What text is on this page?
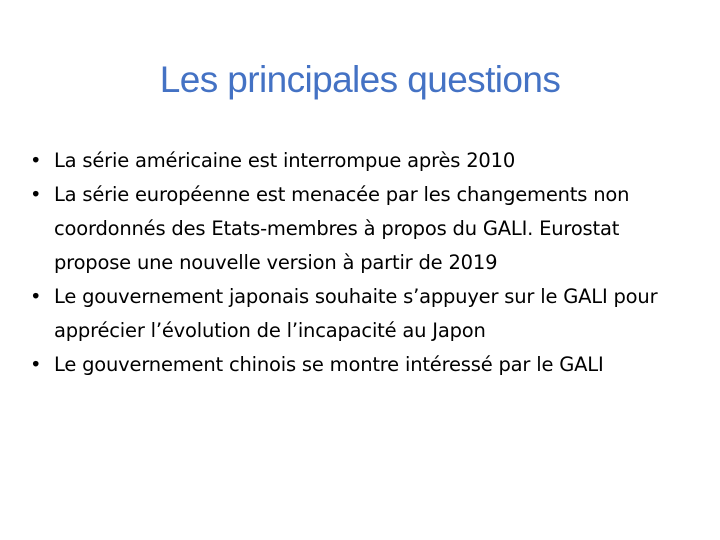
Les principales questions
• La série américaine est interrompue après 2010
• La série européenne est menacée par les changements non coordonnés des Etats-membres à propos du GALI. Eurostat propose une nouvelle version à partir de 2019
• Le gouvernement japonais souhaite s’appuyer sur le GALI pour apprécier l’évolution de l’incapacité au Japon
• Le gouvernement chinois se montre intéressé par le GALI
